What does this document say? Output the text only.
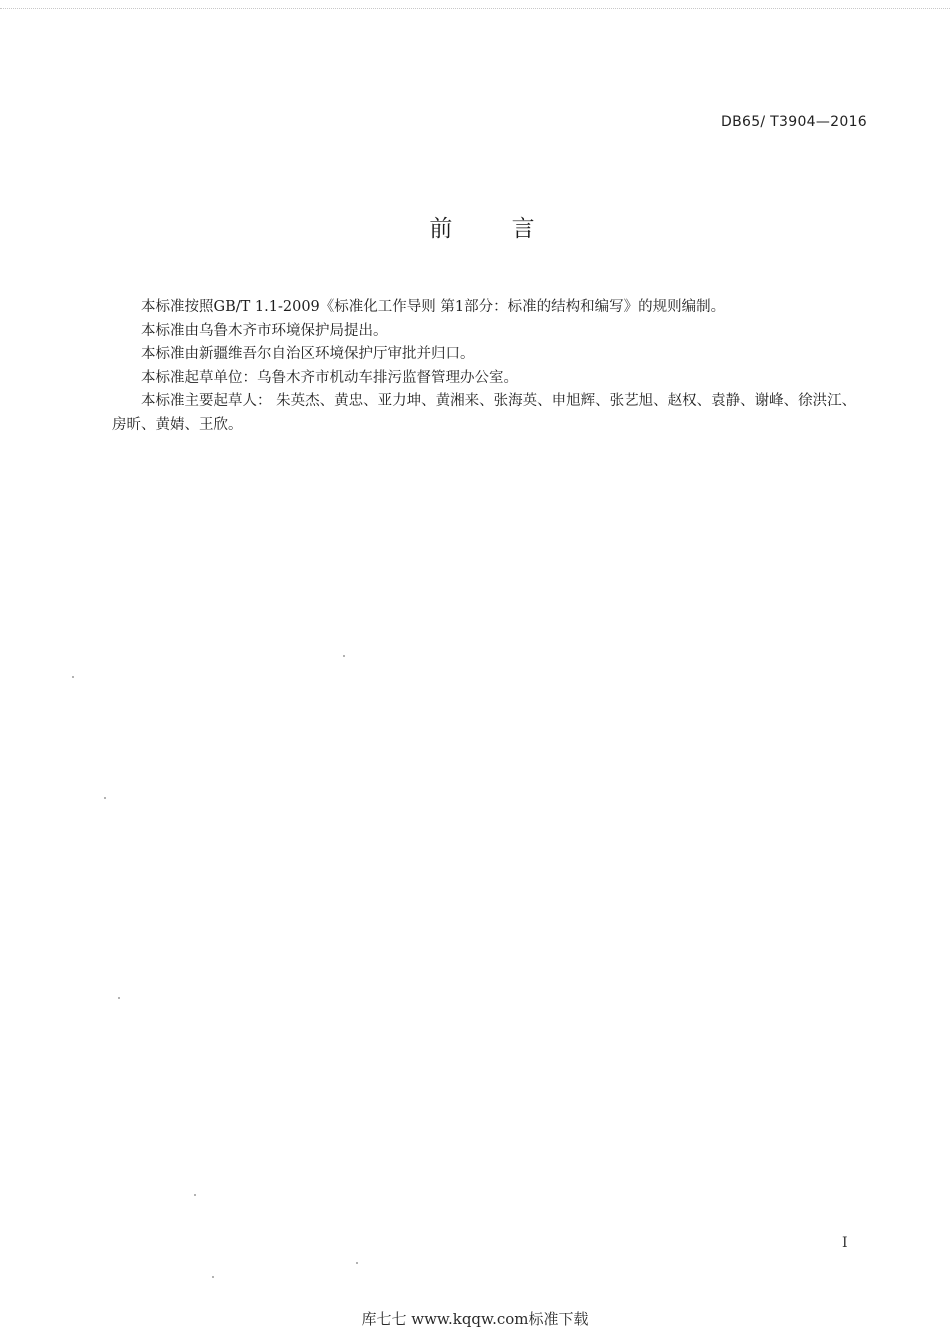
DB65/ T3904—2016
前 言

本标准按照GB/T 1.1-2009《标准化工作导则 第1部分：标准的结构和编写》的规则编制。

本标准由乌鲁木齐市环境保护局提出。

本标准由新疆维吾尔自治区环境保护厅审批并归口。

本标准起草单位：乌鲁木齐市机动车排污监督管理办公室。

本标准主要起草人： 朱英杰、黄忠、亚力坤、黄湘来、张海英、申旭辉、张艺旭、赵权、袁静、谢峰、徐洪江、房昕、黄婧、王欣。

I
库七七 www.kqqw.com标准下载
